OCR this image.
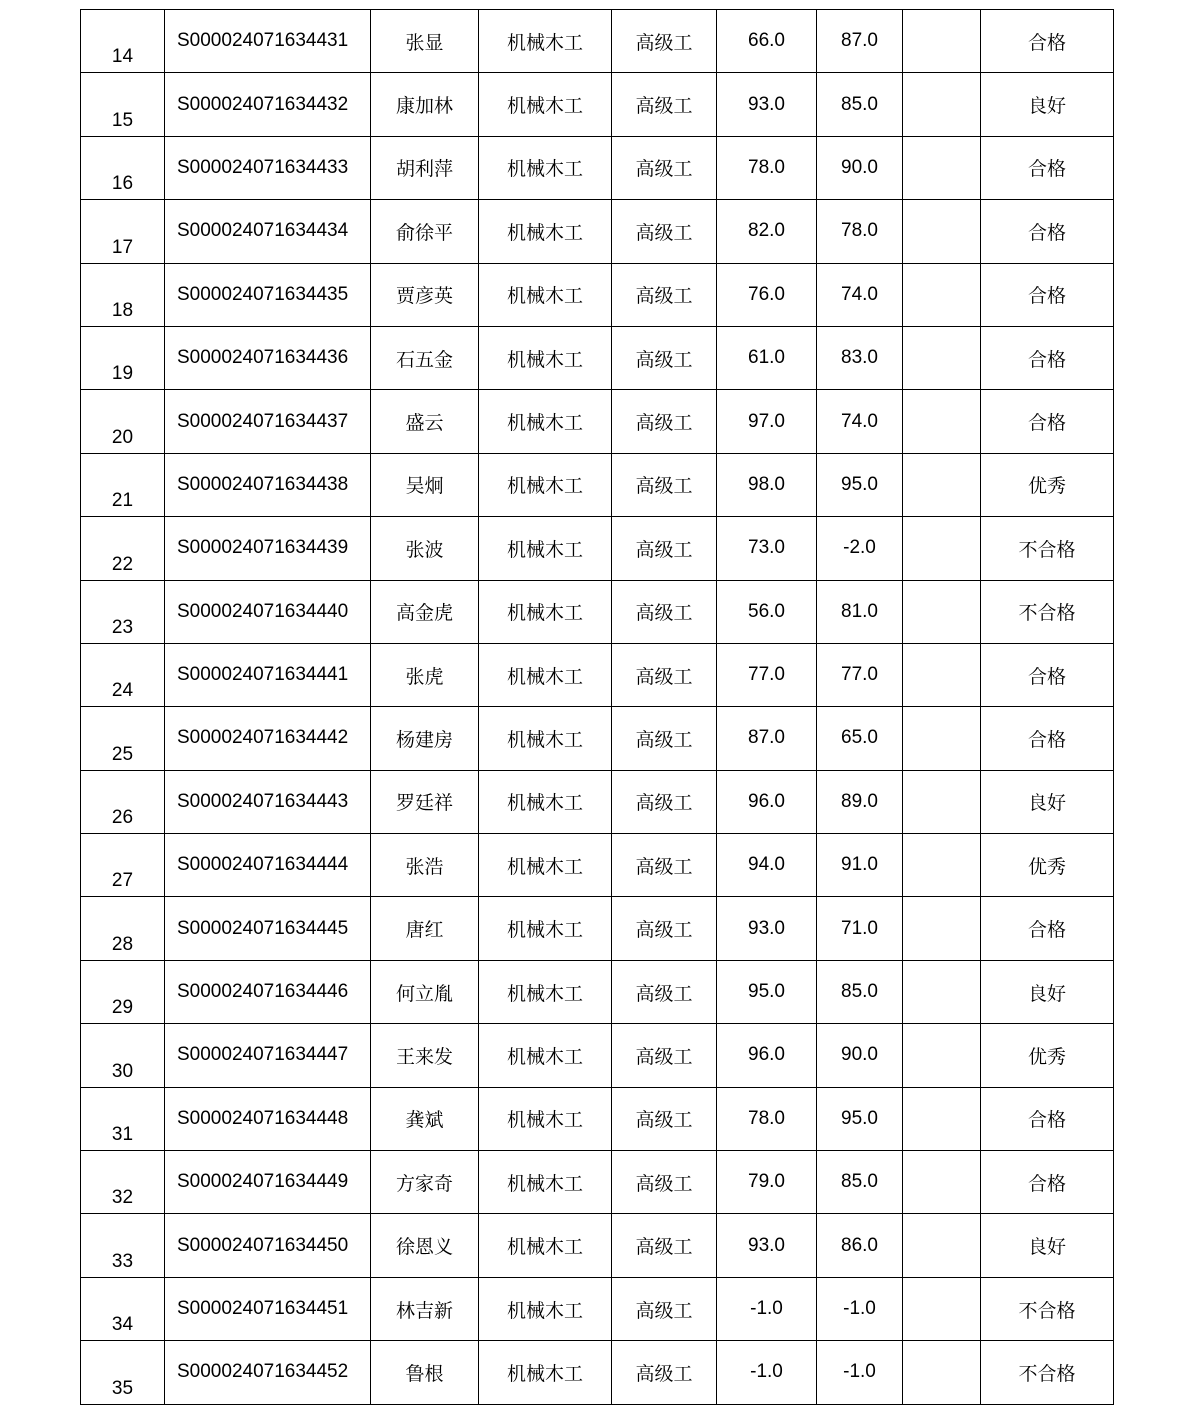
14	S000024071634431	张显	机械木工	高级工	66.0	87.0		合格
15	S000024071634432	康加林	机械木工	高级工	93.0	85.0		良好
16	S000024071634433	胡利萍	机械木工	高级工	78.0	90.0		合格
17	S000024071634434	俞徐平	机械木工	高级工	82.0	78.0		合格
18	S000024071634435	贾彦英	机械木工	高级工	76.0	74.0		合格
19	S000024071634436	石五金	机械木工	高级工	61.0	83.0		合格
20	S000024071634437	盛云	机械木工	高级工	97.0	74.0		合格
21	S000024071634438	吴炯	机械木工	高级工	98.0	95.0		优秀
22	S000024071634439	张波	机械木工	高级工	73.0	-2.0		不合格
23	S000024071634440	高金虎	机械木工	高级工	56.0	81.0		不合格
24	S000024071634441	张虎	机械木工	高级工	77.0	77.0		合格
25	S000024071634442	杨建房	机械木工	高级工	87.0	65.0		合格
26	S000024071634443	罗廷祥	机械木工	高级工	96.0	89.0		良好
27	S000024071634444	张浩	机械木工	高级工	94.0	91.0		优秀
28	S000024071634445	唐红	机械木工	高级工	93.0	71.0		合格
29	S000024071634446	何立胤	机械木工	高级工	95.0	85.0		良好
30	S000024071634447	王来发	机械木工	高级工	96.0	90.0		优秀
31	S000024071634448	龚斌	机械木工	高级工	78.0	95.0		合格
32	S000024071634449	方家奇	机械木工	高级工	79.0	85.0		合格
33	S000024071634450	徐恩义	机械木工	高级工	93.0	86.0		良好
34	S000024071634451	林吉新	机械木工	高级工	-1.0	-1.0		不合格
35	S000024071634452	鲁根	机械木工	高级工	-1.0	-1.0		不合格
